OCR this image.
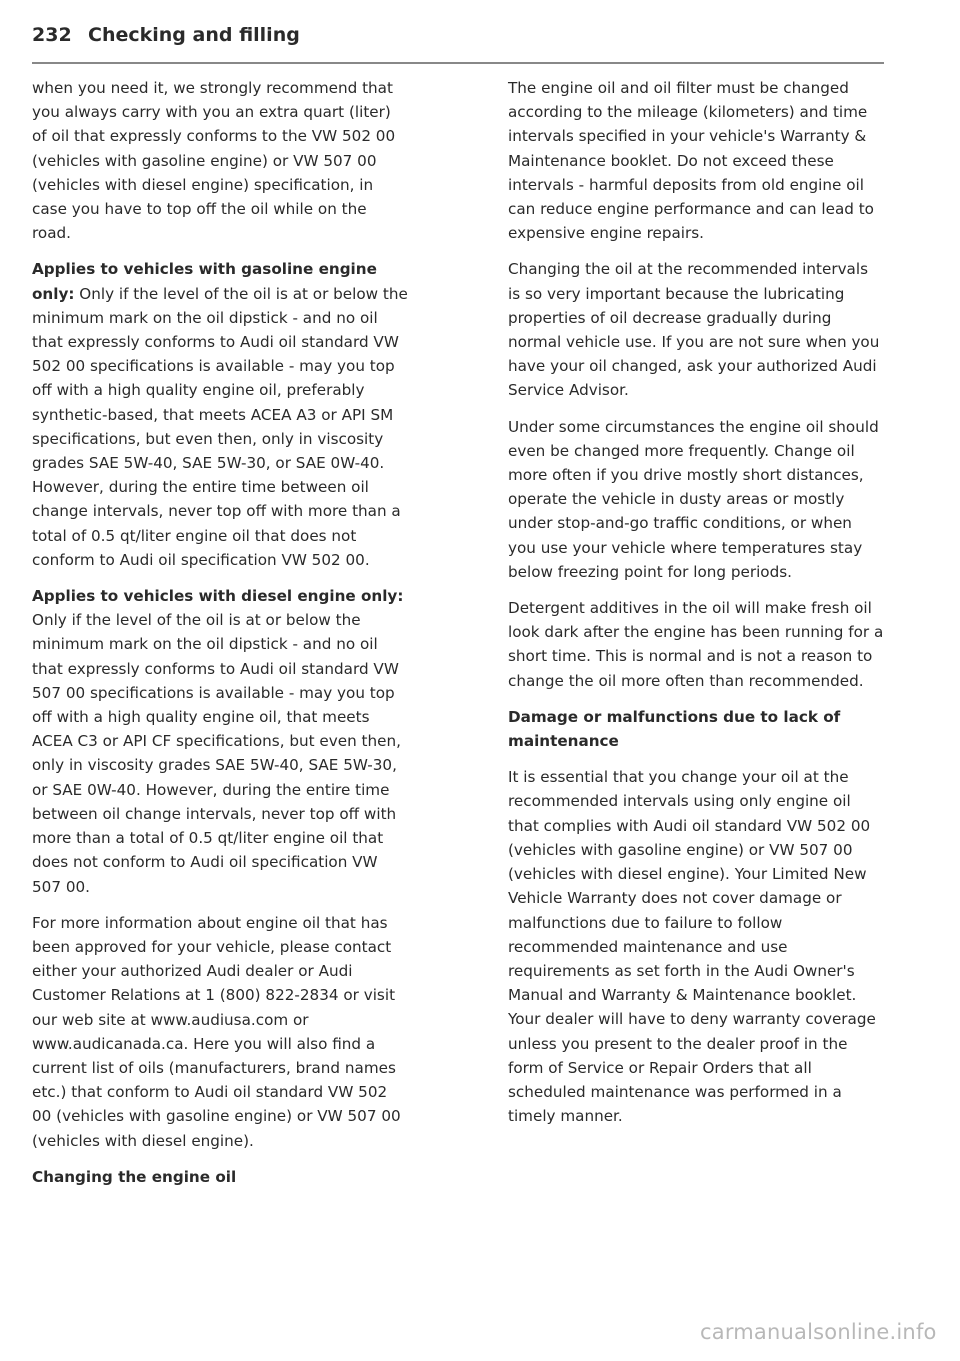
232 Checking and filling

when you need it, we strongly recommend that you always carry with you an extra quart (liter) of oil that expressly conforms to the VW 502 00 (vehicles with gasoline engine) or VW 507 00 (vehicles with diesel engine) specification, in case you have to top off the oil while on the road.

Applies to vehicles with gasoline engine only: Only if the level of the oil is at or below the minimum mark on the oil dipstick - and no oil that expressly conforms to Audi oil standard VW 502 00 specifications is available - may you top off with a high quality engine oil, preferably synthetic-based, that meets ACEA A3 or API SM specifications, but even then, only in viscosity grades SAE 5W-40, SAE 5W-30, or SAE 0W-40. However, during the entire time between oil change intervals, never top off with more than a total of 0.5 qt/liter engine oil that does not conform to Audi oil specification VW 502 00.

Applies to vehicles with diesel engine only:

Only if the level of the oil is at or below the minimum mark on the oil dipstick - and no oil that expressly conforms to Audi oil standard VW 507 00 specifications is available - may you top off with a high quality engine oil, that meets ACEA C3 or API CF specifications, but even then, only in viscosity grades SAE 5W-40, SAE 5W-30, or SAE 0W-40. However, during the entire time between oil change intervals, never top off with more than a total of 0.5 qt/liter engine oil that does not conform to Audi oil specification VW 507 00.

For more information about engine oil that has been approved for your vehicle, please contact either your authorized Audi dealer or Audi Customer Relations at 1 (800) 822-2834 or visit our web site at www.audiusa.com or www.audicanada.ca. Here you will also find a current list of oils (manufacturers, brand names etc.) that conform to Audi oil standard VW 502 00 (vehicles with gasoline engine) or VW 507 00 (vehicles with diesel engine).

Changing the engine oil

The engine oil and oil filter must be changed according to the mileage (kilometers) and time intervals specified in your vehicle's Warranty & Maintenance booklet. Do not exceed these intervals - harmful deposits from old engine oil can reduce engine performance and can lead to expensive engine repairs.

Changing the oil at the recommended intervals is so very important because the lubricating properties of oil decrease gradually during normal vehicle use. If you are not sure when you have your oil changed, ask your authorized Audi Service Advisor.

Under some circumstances the engine oil should even be changed more frequently. Change oil more often if you drive mostly short distances, operate the vehicle in dusty areas or mostly under stop-and-go traffic conditions, or when you use your vehicle where temperatures stay below freezing point for long periods.

Detergent additives in the oil will make fresh oil look dark after the engine has been running for a short time. This is normal and is not a reason to change the oil more often than recommended.

Damage or malfunctions due to lack of maintenance

It is essential that you change your oil at the recommended intervals using only engine oil that complies with Audi oil standard VW 502 00 (vehicles with gasoline engine) or VW 507 00 (vehicles with diesel engine). Your Limited New Vehicle Warranty does not cover damage or malfunctions due to failure to follow recommended maintenance and use requirements as set forth in the Audi Owner's Manual and Warranty & Maintenance booklet. Your dealer will have to deny warranty coverage unless you present to the dealer proof in the form of Service or Repair Orders that all scheduled maintenance was performed in a timely manner.

carmanualsonline.info
